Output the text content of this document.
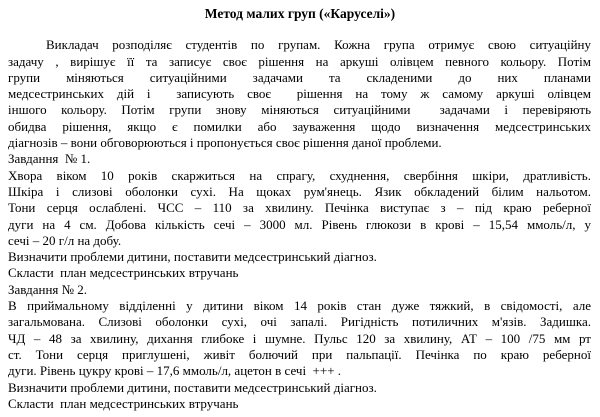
Метод малих груп («Каруселі»)
Викладач розподіляє студентів по групам. Кожна група отримує свою ситуаційну
задачу , вирішує її та записує своє рішення на аркуші олівцем певного кольору. Потім
групи міняються ситуаційними задачами та складеними до них планами
медсестринських дій і  записують своє  рішення на тому ж самому аркуші олівцем
іншого кольору. Потім групи знову міняються ситуаційними  задачами і перевіряють
обидва рішення, якщо є помилки або зауваження щодо визначення медсестринських
діагнозів – вони обговорюються і пропонується своє рішення даної проблеми.
Завдання  № 1.
Хвора віком 10 років скаржиться на спрагу, схуднення, свербіння шкіри, дратливість.
Шкіра і слизові оболонки сухі. На щоках рум'янець. Язик обкладений білим нальотом.
Тони серця ослаблені. ЧСС – 110 за хвилину. Печінка виступає з – під краю реберної
дуги на 4 см. Добова кількість сечі – 3000 мл. Рівень глюкози в крові – 15,54 ммоль/л, у
сечі – 20 г/л на добу.
Визначити проблеми дитини, поставити медсестринський діагноз.
Скласти  план медсестринських втручань
Завдання № 2.
В приймальному відділенні у дитини віком 14 років стан дуже тяжкий, в свідомості, але
загальмована. Слизові оболонки сухі, очі запалі. Ригідність потиличних м'язів. Задишка.
ЧД – 48 за хвилину, дихання глибоке і шумне. Пульс 120 за хвилину, АТ – 100 /75 мм рт
ст. Тони серця приглушені, живіт болючий при пальпації. Печінка по краю реберної
дуги. Рівень цукру крові – 17,6 ммоль/л, ацетон в сечі  +++ .
Визначити проблеми дитини, поставити медсестринський діагноз.
Скласти  план медсестринських втручань
